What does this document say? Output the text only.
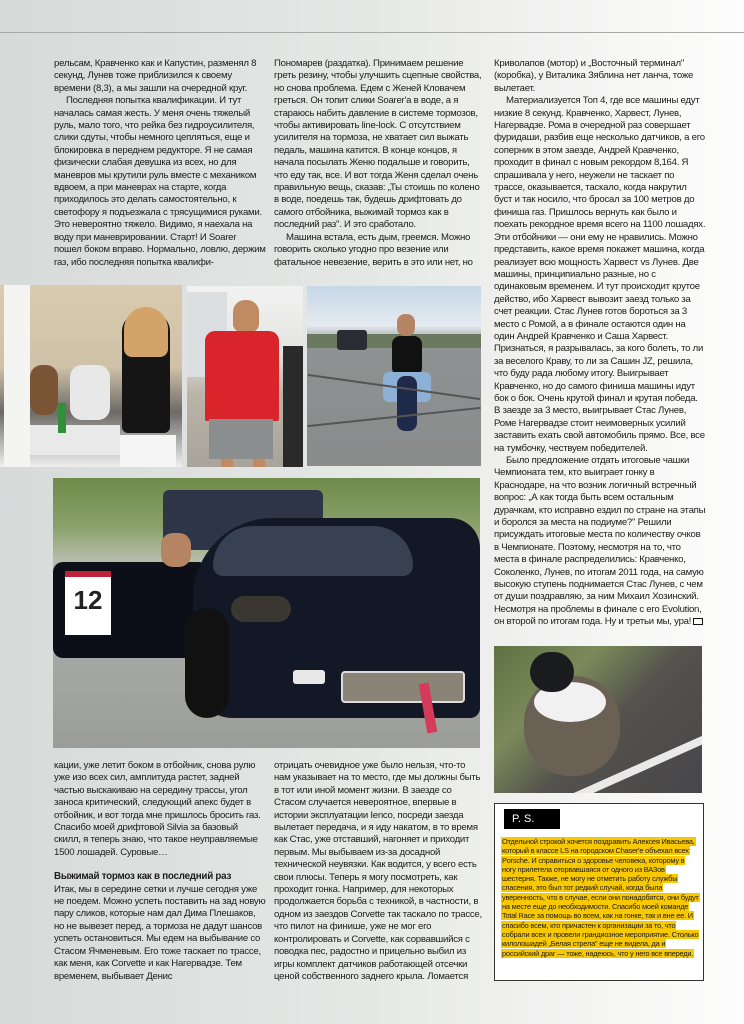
рельсам, Кравченко как и Капустин, разменял 8 секунд, Лунев тоже приблизился к своему времени (8,3), а мы зашли на очередной круг.

Последняя попытка квалификации. И тут началась самая жесть. У меня очень тяжелый руль, мало того, что рейка без гидроусилителя, слики сдуты, чтобы немного цепляться, еще и блокировка в переднем редукторе. Я не самая физически слабая девушка из всех, но для маневров мы крутили руль вместе с механиком вдвоем, а при маневрах на старте, когда приходилось это делать самостоятельно, к светофору я подъезжала с трясущимися руками. Это невероятно тяжело. Видимо, я наехала на воду при маневрировании. Старт! И Soarer пошел боком вправо. Нормально, ловлю, держим газ, ибо последняя попытка квалифи-

Пономарев (раздатка). Принимаем решение греть резину, чтобы улучшить сцепные свойства, но снова проблема. Едем с Женей Кловачем греться. Он топит слики Soarer'а в воде, а я стараюсь набить давление в системе тормозов, чтобы активировать line-lock. С отсутствием усилителя на тормоза, не хватает сил выжать педаль, машина катится. В конце концов, я начала посылать Женю подальше и говорить, что еду так, все. И вот тогда Женя сделал очень правильную вещь, сказав: „Ты стоишь по колено в воде, поедешь так, будешь дрифтовать до самого отбойника, выжимай тормоз как в последний раз". И это сработало.

Машина встала, есть дым, греемся. Можно говорить сколько угодно про везение или фатальное невезение, верить в это или нет, но

Криволапов (мотор) и „Восточный терминал" (коробка), у Виталика Зяблина нет ланча, тоже вылетает.

Материализуется Топ 4, где все машины едут низкие 8 секунд. Кравченко, Харвест, Лунев, Нагервадзе. Рома в очередной раз совершает фуридаши, разбив еще несколько датчиков, а его соперник в этом заезде, Андрей Кравченко, проходит в финал с новым рекордом 8,164. Я спрашивала у него, неужели не таскает по трассе, оказывается, таскало, когда накрутил буст и так носило, что бросал за 100 метров до финиша газ. Пришлось вернуть как было и поехать рекордное время всего на 1100 лошадях. Эти отбойники — они ему не нравились. Можно представить, какое время покажет машина, когда реализует всю мощность Харвест vs Лунев. Две машины, принципиально разные, но с одинаковым временем. И тут происходит крутое действо, ибо Харвест вывозит заезд только за счет реакции. Стас Лунев готов бороться за 3 место с Ромой, а в финале остаются один на один Андрей Кравченко и Саша Харвест. Признаться, я разрывалась, за кого болеть, то ли за веселого Краву, то ли за Сашин JZ, решила, что буду рада любому итогу. Выигрывает Кравченко, но до самого финиша машины идут бок о бок. Очень крутой финал и крутая победа. В заезде за 3 место, выигрывает Стас Лунев, Роме Нагервадзе стоит неимоверных усилий заставить ехать свой автомобиль прямо. Все, все на тумбочку, чествуем победителей.

Было предложение отдать итоговые чашки Чемпионата тем, кто выиграет гонку в Краснодаре, на что возник логичный встречный вопрос: „А как тогда быть всем остальным дурачкам, кто исправно ездил по стране на этапы и боролся за места на подиуме?" Решили присуждать итоговые места по количеству очков в Чемпионате. Поэтому, несмотря на то, что места в финале распределились: Кравченко, Соколенко, Лунев, по итогам 2011 года, на самую высокую ступень поднимается Стас Лунев, с чем от души поздравляю, за ним Михаил Хозинский. Несмотря на проблемы в финале с его Evolution, он второй по итогам года. Ну и третьи мы, ура!

12

кации, уже летит боком в отбойник, снова рулю уже изо всех сил, амплитуда растет, задней частью выскакиваю на середину трассы, угол заноса критический, следующий апекс будет в отбойник, и вот тогда мне пришлось бросить газ. Спасибо моей дрифтовой Silvia за базовый скилл, я теперь знаю, что такое неуправляемые 1500 лошадей. Суровые…

Выжимай тормоз как в последний раз

Итак, мы в середине сетки и лучше сегодня уже не поедем. Можно успеть поставить на зад новую пару сликов, которые нам дал Дима Плешаков, но не вывезет перед, а тормоза не дадут шансов успеть остановиться. Мы едем на выбывание со Стасом Ячменевым. Его тоже таскает по трассе, как меня, как Corvette и как Нагервадзе. Тем временем, выбывает Денис

отрицать очевидное уже было нельзя, что-то нам указывает на то место, где мы должны быть в тот или иной момент жизни. В заезде со Стасом случается невероятное, впервые в истории эксплуатации Ienco, посреди заезда вылетает передача, и я иду накатом, в то время как Стас, уже отставший, нагоняет и приходит первым. Мы выбываем из-за досадной технической неувязки. Как водится, у всего есть свои плюсы. Теперь я могу посмотреть, как проходит гонка. Например, для некоторых продолжается борьба с техникой, в частности, в одном из заездов Corvette так таскало по трассе, что пилот на финише, уже не мог его контролировать и Corvette, как сорвавшийся с поводка пес, радостно и прицельно выбил из игры комплект датчиков работающей отсечки ценой собственного заднего крыла. Ломается

P. S.
Отдельной строкой хочется поздравить Алексея Ивасьева, который в классе LS на городском Chaser'е объехал всех Porsche. И справиться о здоровье человека, которому в ногу прилетела оторвавшаяся от одного из ВАЗов шестерня. Также, не могу не отметить работу службы спасения, это был тот редкий случай, когда была уверенность, что в случае, если они понадобятся, они будут на месте еще до необходимости. Спасибо моей команде Total Race за помощь во всем, как на гонке, так и вне ее. И спасибо всем, кто причастен к организации за то, что собрали всех и провели грандиозное мероприятие. Столько килолошадей „Белая стрела" еще не видела, да и российский драг — тоже, надеюсь, что у него все впереди.
